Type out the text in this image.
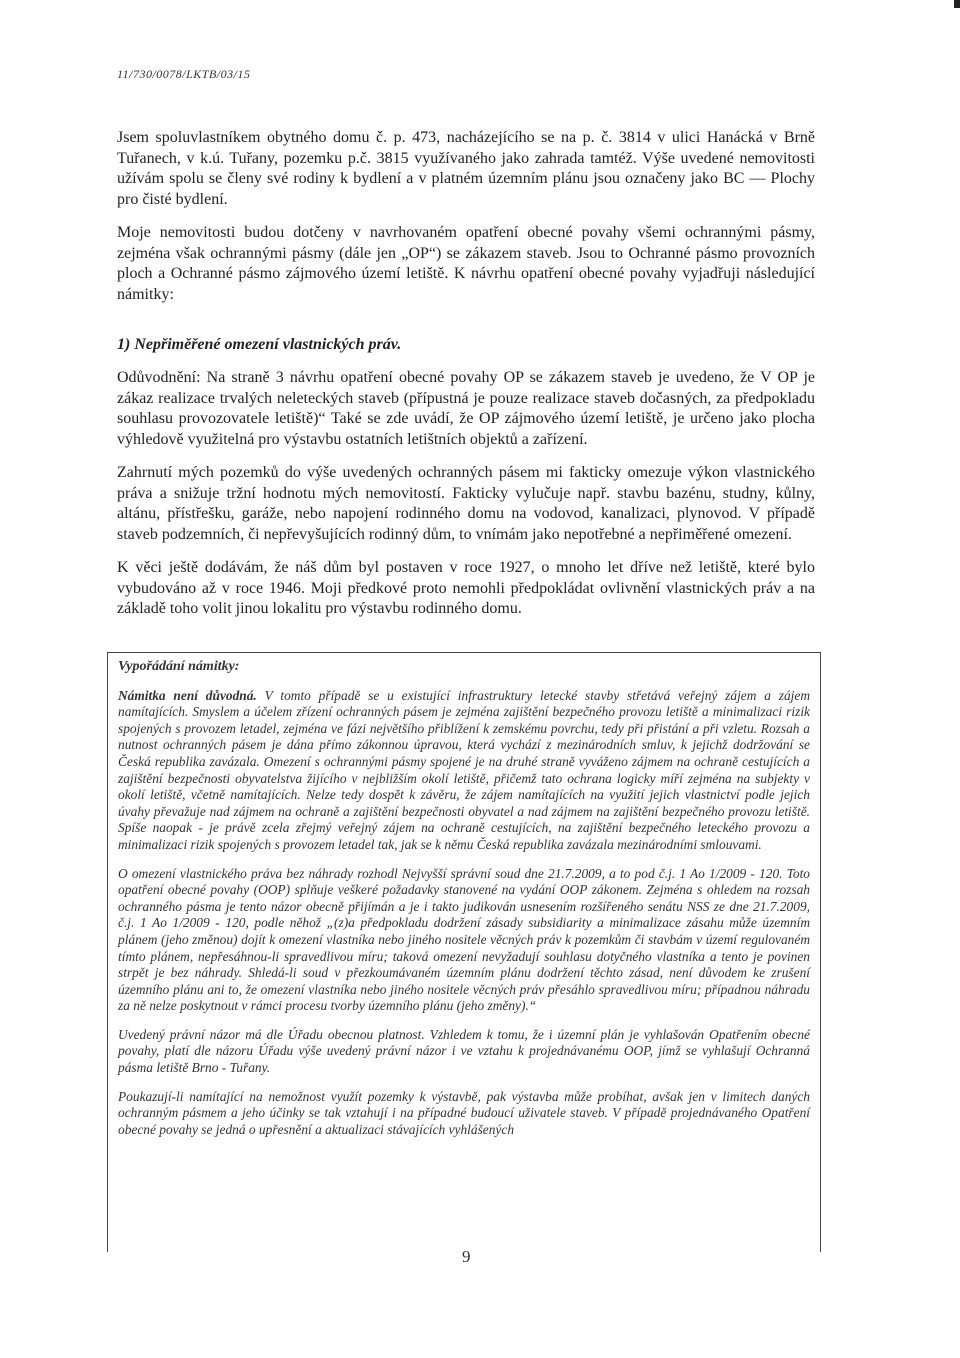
11/730/0078/LKTB/03/15

Jsem spoluvlastníkem obytného domu č. p. 473, nacházejícího se na p. č. 3814 v ulici Hanácká v Brně Tuřanech, v k.ú. Tuřany, pozemku p.č. 3815 využívaného jako zahrada tamtéž. Výše uvedené nemovitosti užívám spolu se členy své rodiny k bydlení a v platném územním plánu jsou označeny jako BC — Plochy pro čisté bydlení.

Moje nemovitosti budou dotčeny v navrhovaném opatření obecné povahy všemi ochrannými pásmy, zejména však ochrannými pásmy (dále jen „OP“) se zákazem staveb. Jsou to Ochranné pásmo provozních ploch a Ochranné pásmo zájmového území letiště. K návrhu opatření obecné povahy vyjadřuji následující námitky:

1) Nepřiměřené omezení vlastnických práv.

Odůvodnění: Na straně 3 návrhu opatření obecné povahy OP se zákazem staveb je uvedeno, že V OP je zákaz realizace trvalých neleteckých staveb (přípustná je pouze realizace staveb dočasných, za předpokladu souhlasu provozovatele letiště)“ Také se zde uvádí, že OP zájmového území letiště, je určeno jako plocha výhledově využitelná pro výstavbu ostatních letištních objektů a zařízení.

Zahrnutí mých pozemků do výše uvedených ochranných pásem mi fakticky omezuje výkon vlastnického práva a snižuje tržní hodnotu mých nemovitostí. Fakticky vylučuje např. stavbu bazénu, studny, kůlny, altánu, přístřešku, garáže, nebo napojení rodinného domu na vodovod, kanalizaci, plynovod. V případě staveb podzemních, či nepřevyšujících rodinný dům, to vnímám jako nepotřebné a nepřiměřené omezení.

K věci ještě dodávám, že náš dům byl postaven v roce 1927, o mnoho let dříve než letiště, které bylo vybudováno až v roce 1946. Moji předkové proto nemohli předpokládat ovlivnění vlastnických práv a na základě toho volit jinou lokalitu pro výstavbu rodinného domu.

Vypořádání námitky:

Námitka není důvodná. V tomto případě se u existující infrastruktury letecké stavby střetává veřejný zájem a zájem namítajících. Smyslem a účelem zřízení ochranných pásem je zejména zajištění bezpečného provozu letiště a minimalizaci rizik spojených s provozem letadel, zejména ve fázi největšího přiblížení k zemskému povrchu, tedy při přistání a při vzletu. Rozsah a nutnost ochranných pásem je dána přímo zákonnou úpravou, která vychází z mezinárodních smluv, k jejichž dodržování se Česká republika zavázala. Omezení s ochrannými pásmy spojené je na druhé straně vyváženo zájmem na ochraně cestujících a zajištění bezpečnosti obyvatelstva žijícího v nejbližším okolí letiště, přičemž tato ochrana logicky míří zejména na subjekty v okolí letiště, včetně namítajících. Nelze tedy dospět k závěru, že zájem namítajících na využití jejich vlastnictví podle jejich úvahy převažuje nad zájmem na ochraně a zajištění bezpečnosti obyvatel a nad zájmem na zajištění bezpečného provozu letiště. Spíše naopak - je právě zcela zřejmý veřejný zájem na ochraně cestujících, na zajištění bezpečného leteckého provozu a minimalizaci rizik spojených s provozem letadel tak, jak se k němu Česká republika zavázala mezinárodními smlouvami.

O omezení vlastnického práva bez náhrady rozhodl Nejvyšší správní soud dne 21.7.2009, a to pod č.j. 1 Ao 1/2009 - 120. Toto opatření obecné povahy (OOP) splňuje veškeré požadavky stanovené na vydání OOP zákonem. Zejména s ohledem na rozsah ochranného pásma je tento názor obecně přijímán a je i takto judikován usnesením rozšířeného senátu NSS ze dne 21.7.2009, č.j. 1 Ao 1/2009 - 120, podle něhož „(z)a předpokladu dodržení zásady subsidiarity a minimalizace zásahu může územním plánem (jeho změnou) dojít k omezení vlastníka nebo jiného nositele věcných práv k pozemkům či stavbám v území regulovaném tímto plánem, nepřesáhnou-li spravedlivou míru; taková omezení nevyžadují souhlasu dotyčného vlastníka a tento je povinen strpět je bez náhrady. Shledá-li soud v přezkoumávaném územním plánu dodržení těchto zásad, není důvodem ke zrušení územního plánu ani to, že omezení vlastníka nebo jiného nositele věcných práv přesáhlo spravedlivou míru; případnou náhradu za ně nelze poskytnout v rámci procesu tvorby územního plánu (jeho změny).“

Uvedený právní názor má dle Úřadu obecnou platnost. Vzhledem k tomu, že i územní plán je vyhlašován Opatřením obecné povahy, platí dle názoru Úřadu výše uvedený právní názor i ve vztahu k projednávanému OOP, jímž se vyhlašují Ochranná pásma letiště Brno - Tuřany.

Poukazují-li namítající na nemožnost využít pozemky k výstavbě, pak výstavba může probíhat, avšak jen v limitech daných ochranným pásmem a jeho účinky se tak vztahují i na případné budoucí uživatele staveb. V případě projednávaného Opatření obecné povahy se jedná o upřesnění a aktualizaci stávajících vyhlášených

9
